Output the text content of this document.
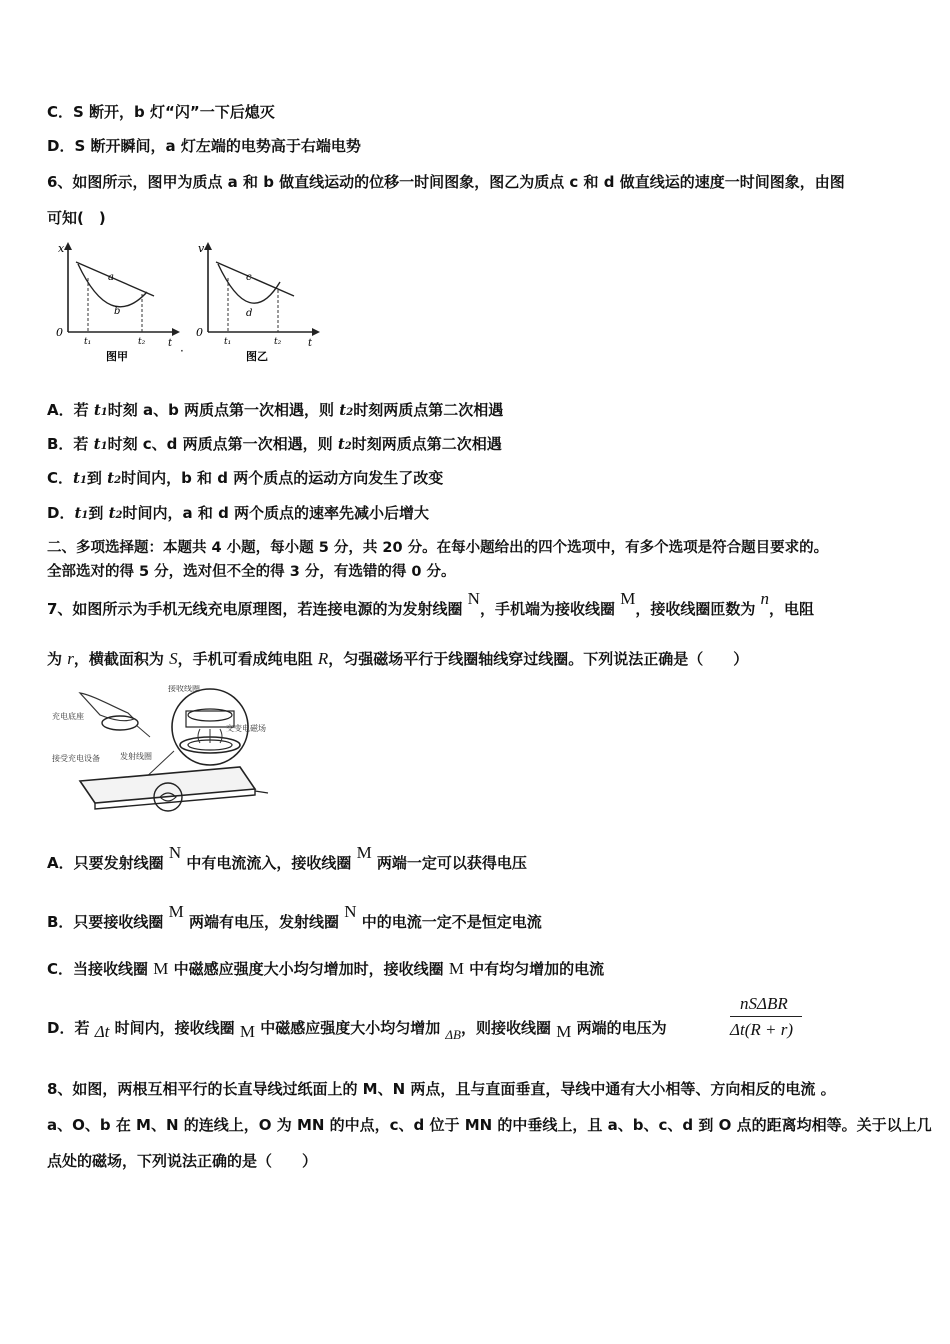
C．S 断开，b 灯“闪”一下后熄灭
D．S 断开瞬间，a 灯左端的电势高于右端电势
6、如图所示，图甲为质点 a 和 b 做直线运动的位移一时间图象，图乙为质点 c 和 d 做直线运的速度一时间图象，由图
可知(　)
x
0
t
t₁	t₂
a
b
图甲	·
v
0
t
t₁	t₂
c
d
图乙
A．若 t1时刻 a、b 两质点第一次相遇，则 t2时刻两质点第二次相遇
B．若 t1时刻 c、d 两质点第一次相遇，则 t2时刻两质点第二次相遇
C．t1到 t2时间内，b 和 d 两个质点的运动方向发生了改变
D．t1到 t2时间内，a 和 d 两个质点的速率先减小后增大
二、多项选择题：本题共 4 小题，每小题 5 分，共 20 分。在每小题给出的四个选项中，有多个选项是符合题目要求的。
全部选对的得 5 分，选对但不全的得 3 分，有选错的得 0 分。
7、如图所示为手机无线充电原理图，若连接电源的为发射线圈 N，手机端为接收线圈 M，接收线圈匝数为 n，电阻
为 r，横截面积为 S，手机可看成纯电阻 R，匀强磁场平行于线圈轴线穿过线圈。下列说法正确是（　　）
充电底座
接收线圈
交变电磁场
发射线圈
接受充电设备
A．只要发射线圈 N 中有电流流入，接收线圈 M 两端一定可以获得电压
B．只要接收线圈 M 两端有电压，发射线圈 N 中的电流一定不是恒定电流
C．当接收线圈 M 中磁感应强度大小均匀增加时，接收线圈 M 中有均匀增加的电流
D．若 Δt 时间内，接收线圈 M 中磁感应强度大小均匀增加 ΔB，则接收线圈 M 两端的电压为
nSΔBR
Δt(R + r)
8、如图，两根互相平行的长直导线过纸面上的 M、N 两点，且与直面垂直，导线中通有大小相等、方向相反的电流 。
a、O、b 在 M、N 的连线上，O 为 MN 的中点，c、d 位于 MN 的中垂线上，且 a、b、c、d 到 O 点的距离均相等。关于以上几
点处的磁场，下列说法正确的是（　　）
